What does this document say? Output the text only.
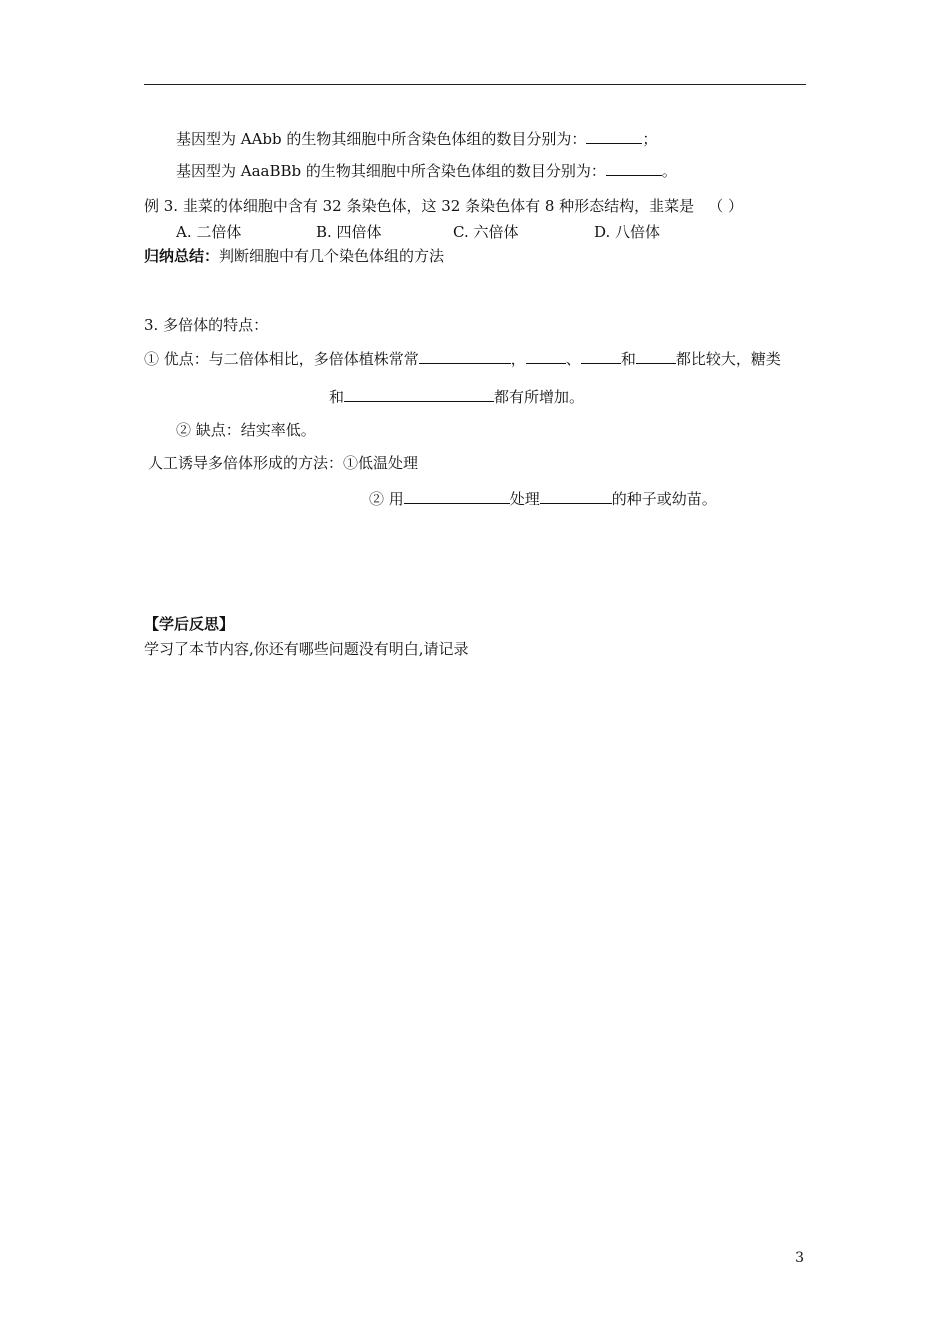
基因型为 AAbb 的生物其细胞中所含染色体组的数目分别为：	；
基因型为 AaaBBb 的生物其细胞中所含染色体组的数目分别为：	。
例 3. 韭菜的体细胞中含有 32 条染色体，这 32 条染色体有 8 种形态结构，韭菜是 （ ）
A. 二倍体	B. 四倍体	C. 六倍体	D. 八倍体
归纳总结：判断细胞中有几个染色体组的方法
3. 多倍体的特点：
① 优点：与二倍体相比，多倍体植株常常	，	、	和	都比较大，糖类
和	都有所增加。
② 缺点：结实率低。
人工诱导多倍体形成的方法：①低温处理
② 用	处理	的种子或幼苗。
【学后反思】
学习了本节内容,你还有哪些问题没有明白,请记录
3
